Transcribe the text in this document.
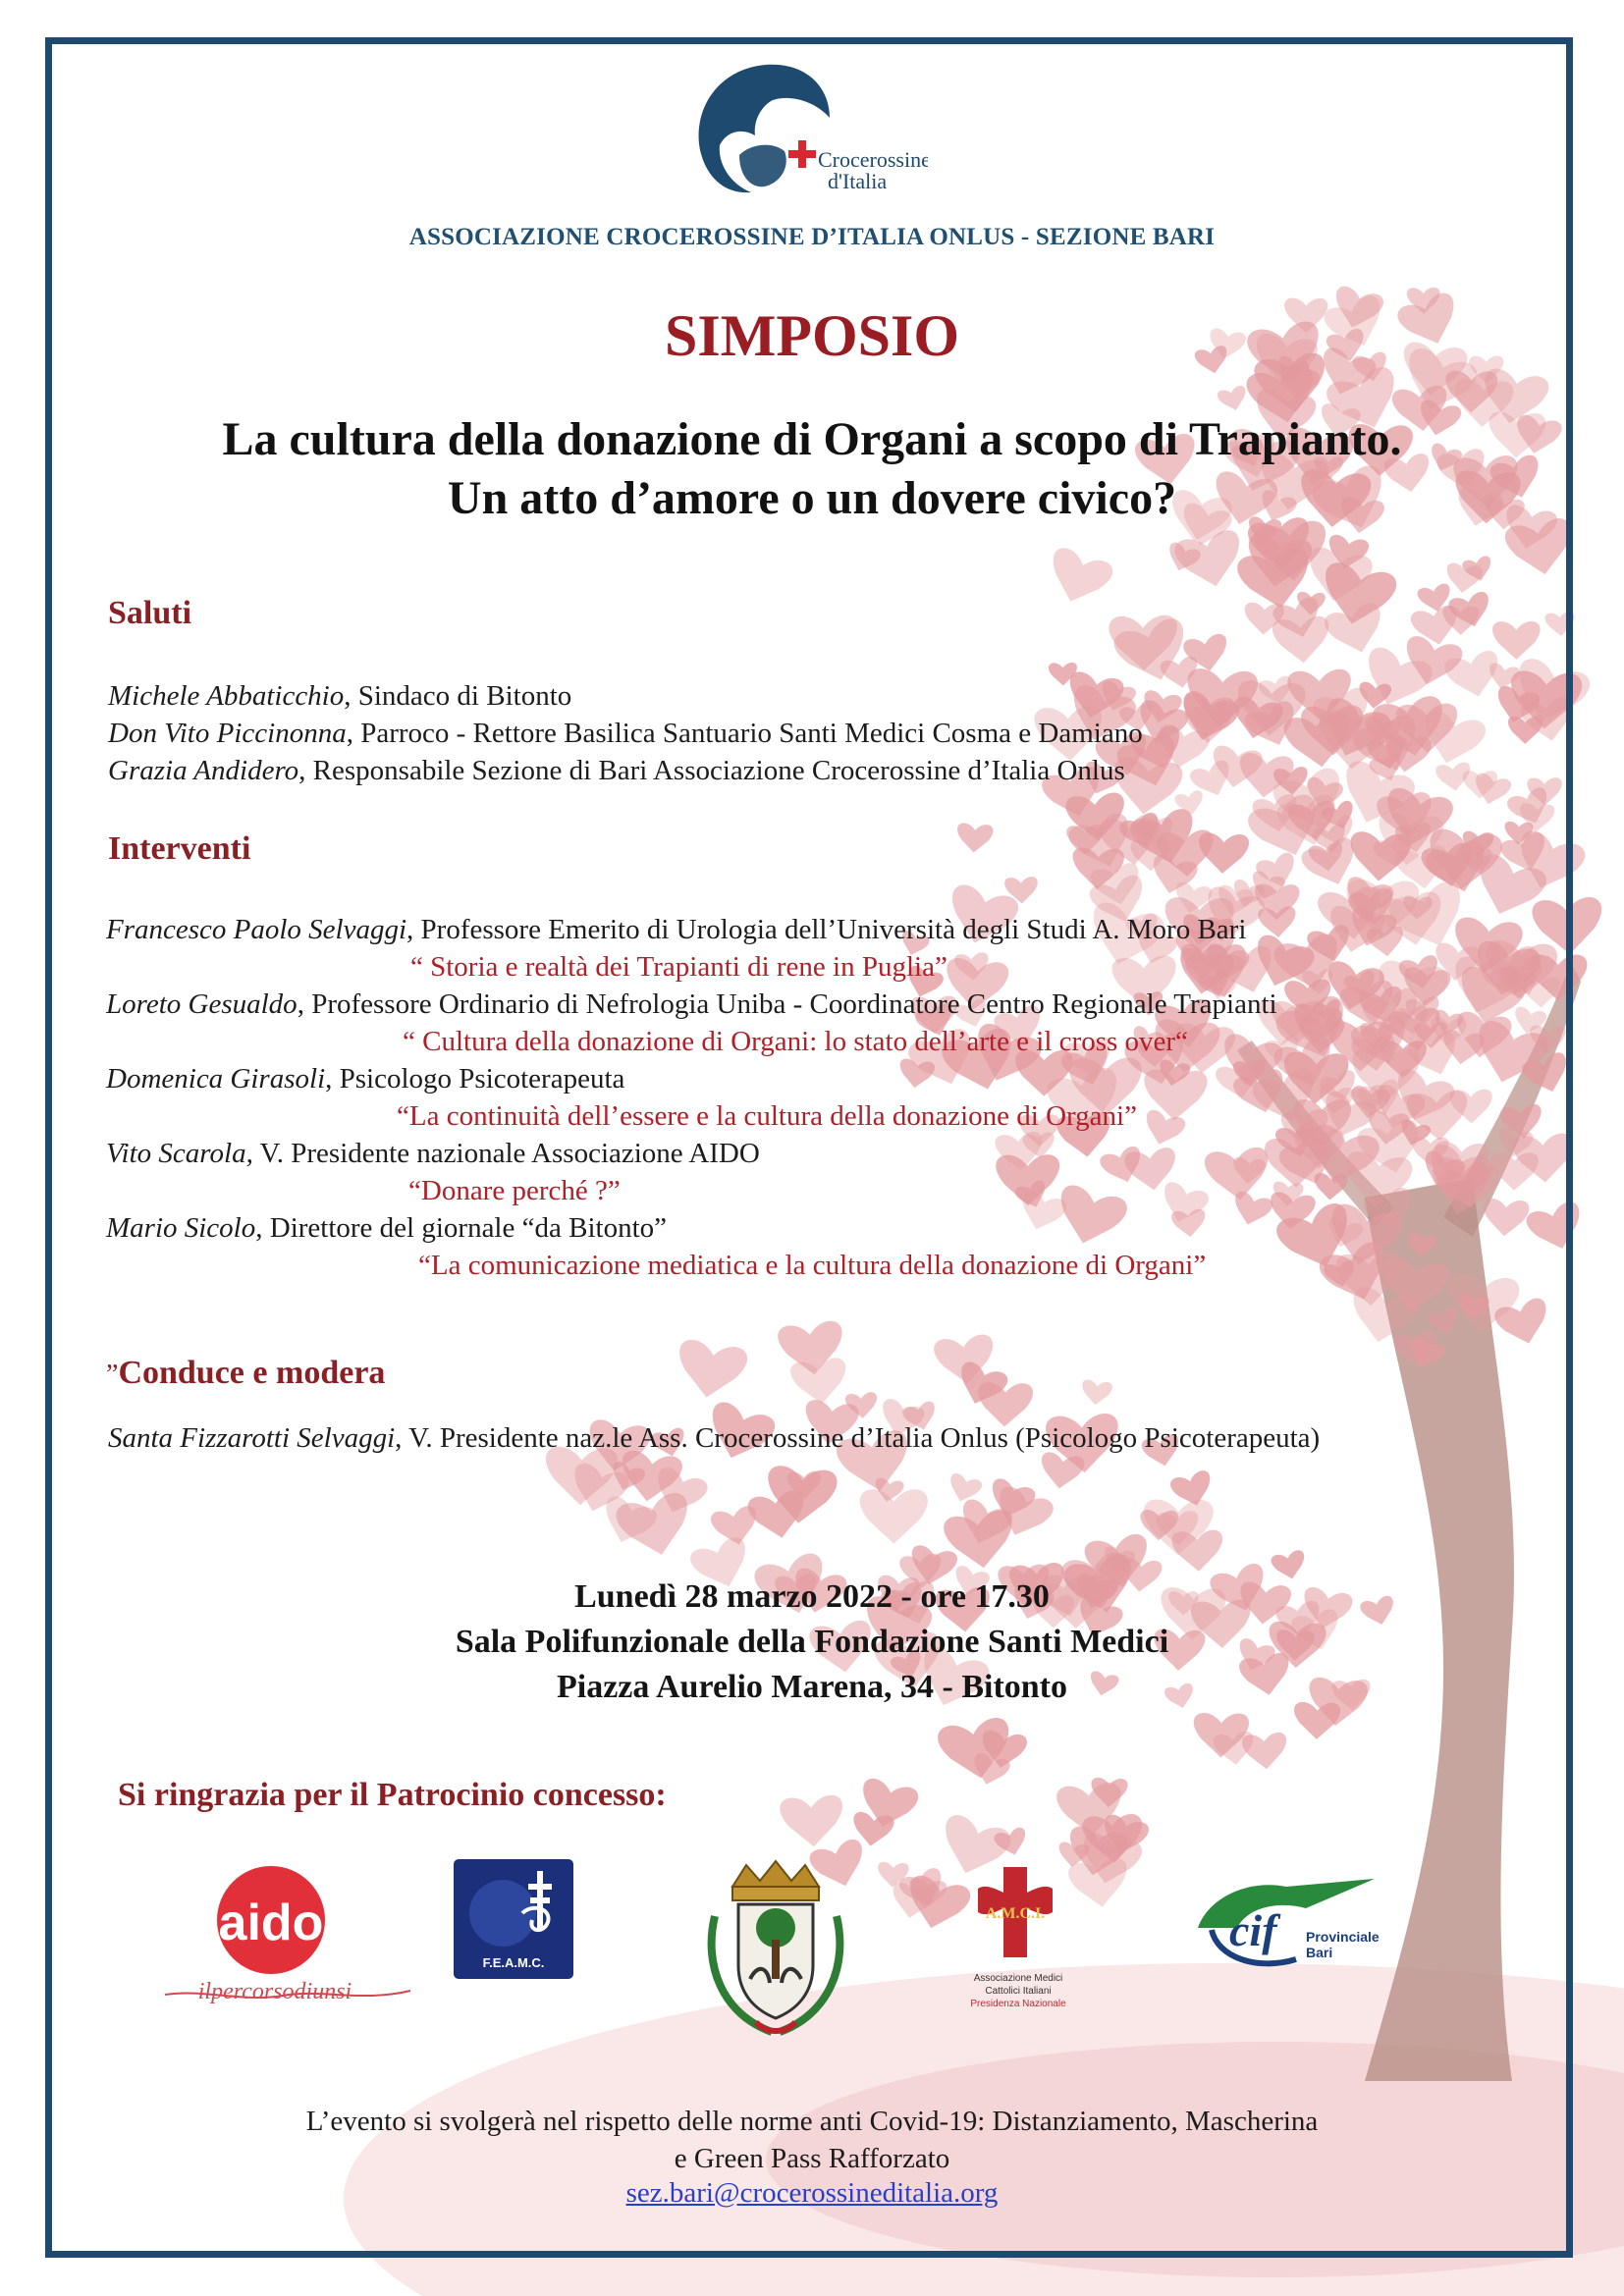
Crocerossine
d'Italia
ASSOCIAZIONE CROCEROSSINE D’ITALIA ONLUS - SEZIONE BARI
SIMPOSIO
La cultura della donazione di Organi a scopo di Trapianto.
Un atto d’amore o un dovere civico?
Saluti
Michele Abbaticchio, Sindaco di Bitonto
Don Vito Piccinonna, Parroco - Rettore Basilica Santuario Santi Medici Cosma e Damiano
Grazia Andidero, Responsabile Sezione di Bari Associazione Crocerossine d’Italia Onlus
Interventi
Francesco Paolo Selvaggi, Professore Emerito di Urologia dell’Università degli Studi A. Moro Bari
“ Storia e realtà dei Trapianti di rene in Puglia”
Loreto Gesualdo, Professore Ordinario di Nefrologia Uniba - Coordinatore Centro Regionale Trapianti
“ Cultura della donazione di Organi: lo stato dell’arte e il cross over“
Domenica Girasoli, Psicologo Psicoterapeuta
“La continuità dell’essere e la cultura della donazione di Organi”
Vito Scarola, V. Presidente nazionale Associazione AIDO
“Donare perché ?”
Mario Sicolo, Direttore del giornale “da Bitonto”
“La comunicazione mediatica e la cultura della donazione di Organi”
”Conduce e modera
Santa Fizzarotti Selvaggi, V. Presidente naz.le Ass. Crocerossine d’Italia Onlus (Psicologo Psicoterapeuta)
Lunedì 28 marzo 2022 - ore 17.30
Sala Polifunzionale della Fondazione Santi Medici
Piazza Aurelio Marena, 34 - Bitonto
Si ringrazia per il Patrocinio concesso:
aido
ilpercorsodiunsi
F.E.A.M.C.
A.M.C.I.
Associazione Medici
Cattolici Italiani
Presidenza Nazionale
cif	Provinciale
Bari
L’evento si svolgerà nel rispetto delle norme anti Covid-19: Distanziamento, Mascherina
e Green Pass Rafforzato
sez.bari@crocerossineditalia.org
